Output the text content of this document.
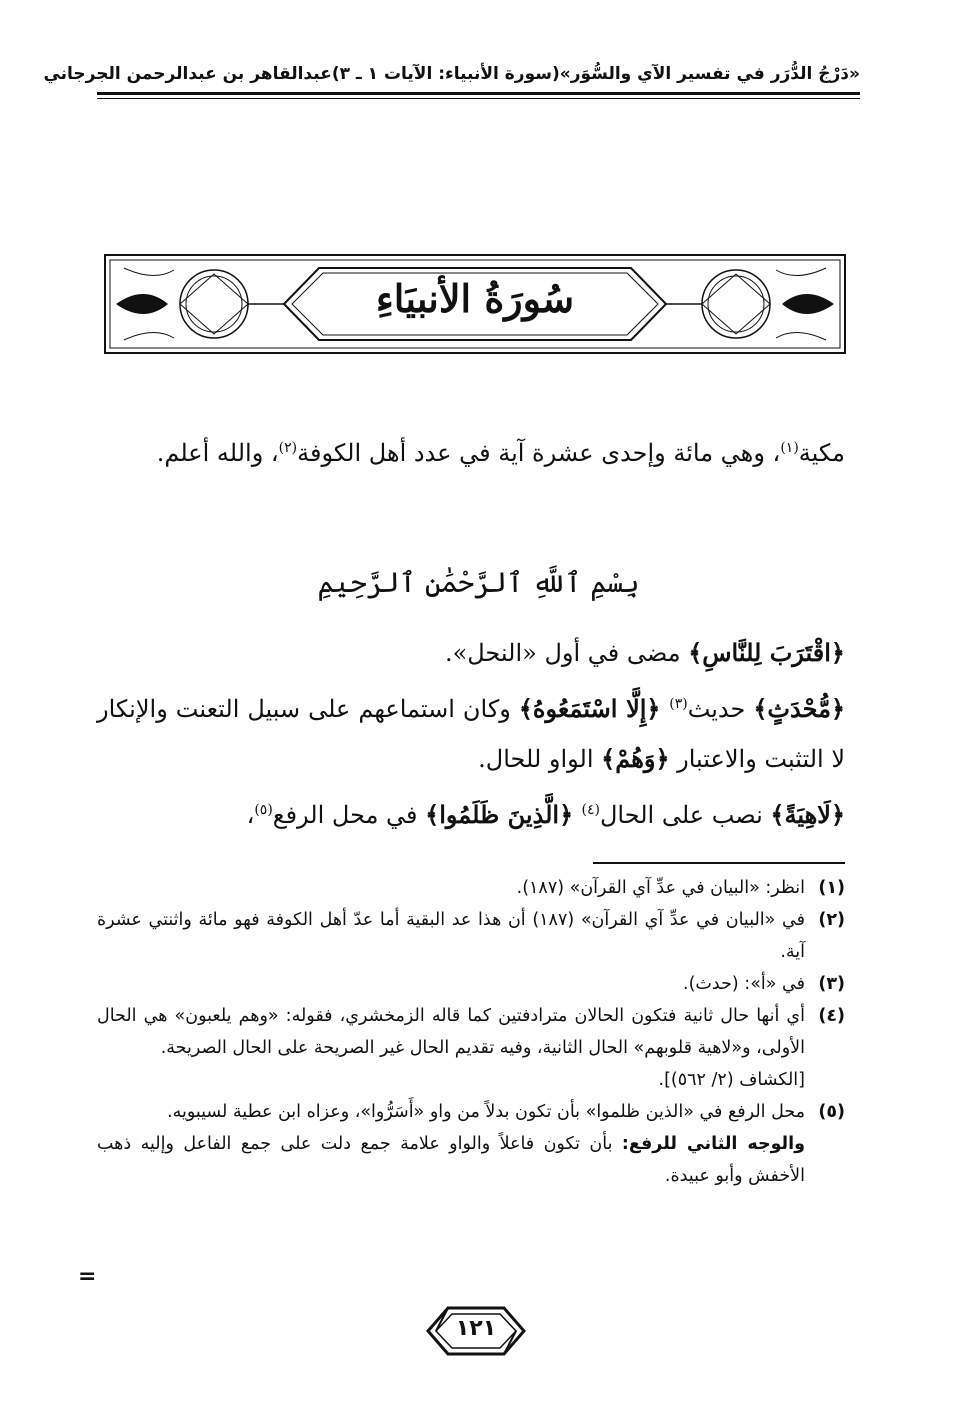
«دَرْجُ الدُّرَر في تفسير الآي والسُّوَر»
(سورة الأنبياء: الآيات ١ ـ ٣)
عبدالقاهر بن عبدالرحمن الجرجاني
سُورَةُ الأنبيَاءِ

مكية$^{(١)}$، وهي مائة وإحدى عشرة آية في عدد أهل الكوفة$^{(٢)}$، والله أعلم.

بِسْمِ ٱللَّهِ ٱلرَّحْمَٰنِ ٱلرَّحِيمِ

﴿اقْتَرَبَ لِلنَّاسِ﴾ مضى في أول «النحل».

﴿مُّحْدَثٍ﴾ حديث$^{(٣)}$ ﴿إِلَّا اسْتَمَعُوهُ﴾ وكان استماعهم على سبيل التعنت والإنكار لا التثبت والاعتبار ﴿وَهُمْ﴾ الواو للحال.

﴿لَاهِيَةً﴾ نصب على الحال$^{(٤)}$ ﴿الَّذِينَ ظَلَمُوا﴾ في محل الرفع$^{(٥)}$،

(١)
انظر: «البيان في عدِّ آي القرآن» (١٨٧).
(٢)
في «البيان في عدِّ آي القرآن» (١٨٧) أن هذا عد البقية أما عدّ أهل الكوفة فهو مائة واثنتي عشرة آية.
(٣)
في «أ»: (حدث).
(٤)
أي أنها حال ثانية فتكون الحالان مترادفتين كما قاله الزمخشري، فقوله: «وهم يلعبون» هي الحال الأولى، و«لاهية قلوبهم» الحال الثانية، وفيه تقديم الحال غير الصريحة على الحال الصريحة.
[الكشاف (٢/ ٥٦٢)].
(٥)
محل الرفع في «الذين ظلموا» بأن تكون بدلاً من واو «أَسَرُّوا»، وعزاه ابن عطية لسيبويه.
والوجه الثاني للرفع: بأن تكون فاعلاً والواو علامة جمع دلت على جمع الفاعل وإليه ذهب الأخفش وأبو عبيدة.
=
١٢١
